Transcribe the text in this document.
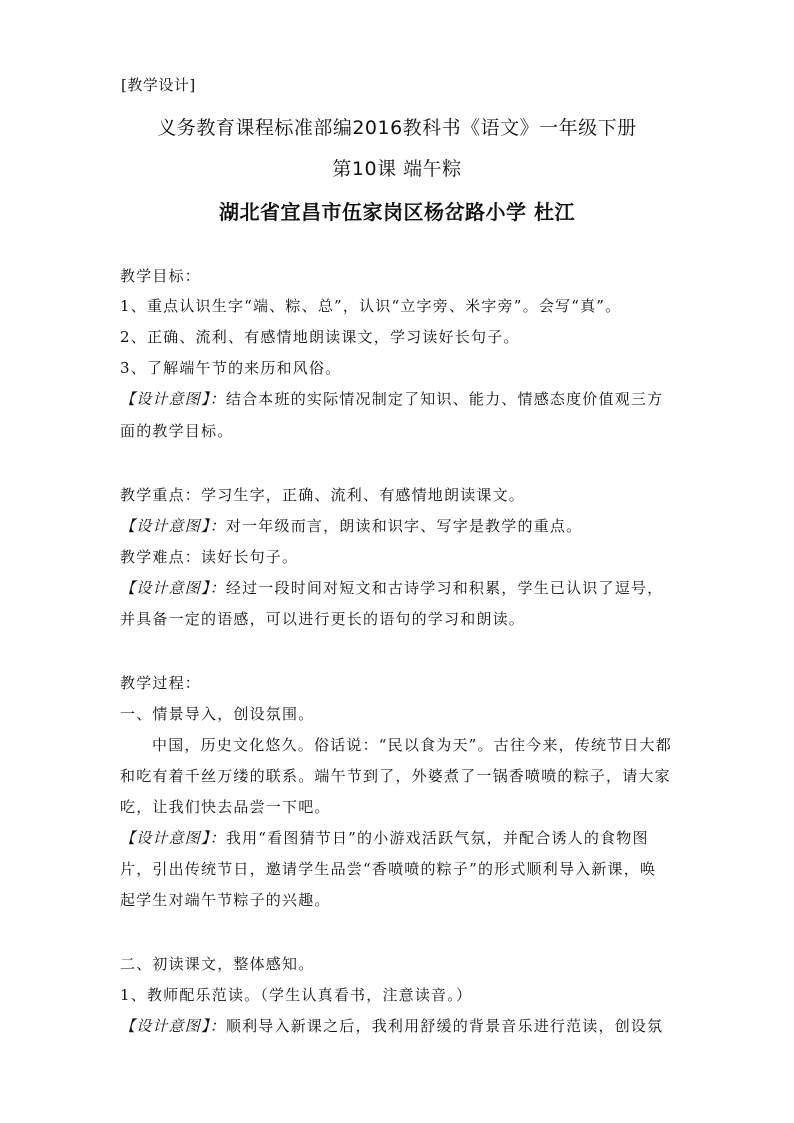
[教学设计]
义务教育课程标准部编2016教科书《语文》一年级下册
第10课 端午粽
湖北省宜昌市伍家岗区杨岔路小学 杜江
教学目标：
1、重点认识生字“端、粽、总”，认识“立字旁、米字旁”。会写“真”。
2、正确、流利、有感情地朗读课文，学习读好长句子。
3、了解端午节的来历和风俗。
【设计意图】：结合本班的实际情况制定了知识、能力、情感态度价值观三方
面的教学目标。
教学重点：学习生字，正确、流利、有感情地朗读课文。
【设计意图】：对一年级而言，朗读和识字、写字是教学的重点。
教学难点：读好长句子。
【设计意图】：经过一段时间对短文和古诗学习和积累，学生已认识了逗号，
并具备一定的语感，可以进行更长的语句的学习和朗读。
教学过程：
一、情景导入，创设氛围。
中国，历史文化悠久。俗话说：“民以食为天”。古往今来，传统节日大都
和吃有着千丝万缕的联系。端午节到了，外婆煮了一锅香喷喷的粽子，请大家
吃，让我们快去品尝一下吧。
【设计意图】：我用“看图猜节日”的小游戏活跃气氛，并配合诱人的食物图
片，引出传统节日，邀请学生品尝“香喷喷的粽子”的形式顺利导入新课，唤
起学生对端午节粽子的兴趣。
二、初读课文，整体感知。
1、教师配乐范读。（学生认真看书，注意读音。）
【设计意图】：顺利导入新课之后，我利用舒缓的背景音乐进行范读，创设氛
